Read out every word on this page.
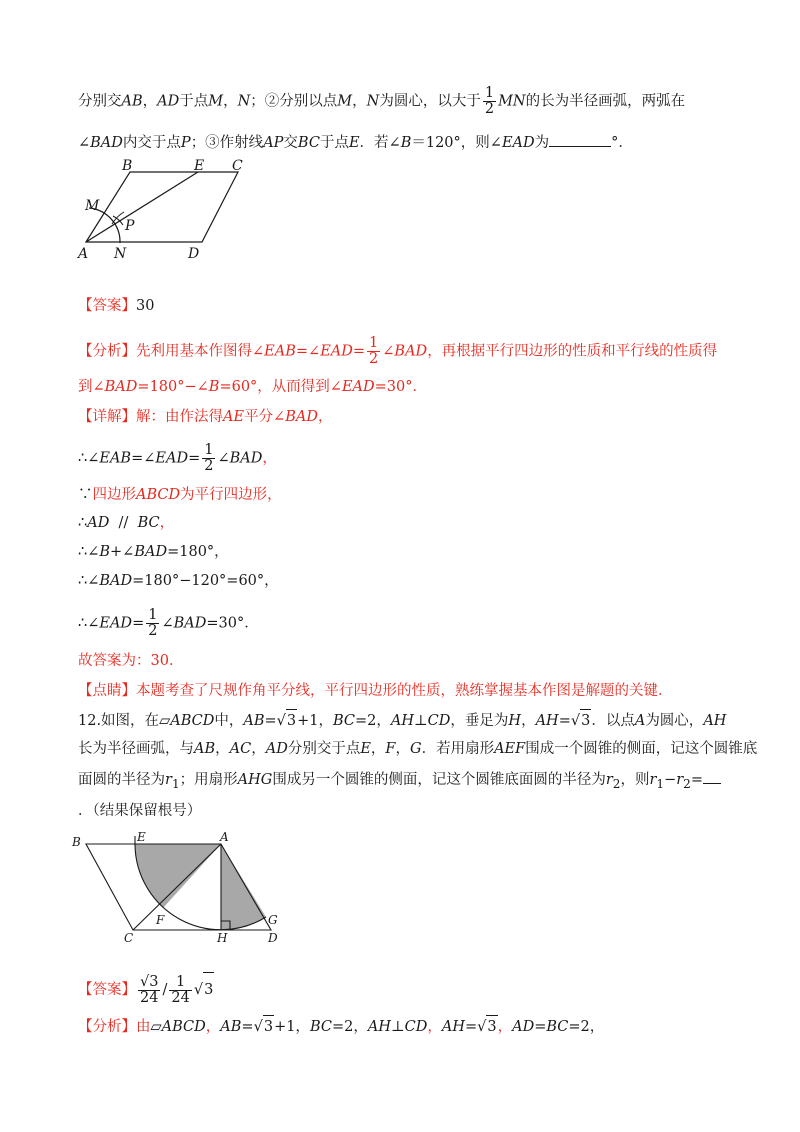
分别交AB，AD于点M，N；②分别以点M，N为圆心，以大于 $\frac{1}{2}$ MN的长为半径画弧，两弧在
∠BAD内交于点P；③作射线AP交BC于点E．若∠B＝120°，则∠EAD为	°．
B	E C
M
P
A N	D
【答案】30
【分析】先利用基本作图得∠EAB=∠EAD= $\frac{1}{2}$ ∠BAD，再根据平行四边形的性质和平行线的性质得
到∠BAD=180°−∠B=60°，从而得到∠EAD=30°．
【详解】解：由作法得AE平分∠BAD，
∴∠EAB=∠EAD= $\frac{1}{2}$ ∠BAD，
∵四边形ABCD为平行四边形，
∴AD  //  BC，
∴∠B+∠BAD=180°，
∴∠BAD=180°−120°=60°，
∴∠EAD= $\frac{1}{2}$ ∠BAD=30°．
故答案为：30．
【点睛】本题考查了尺规作角平分线，平行四边形的性质，熟练掌握基本作图是解题的关键．
12.如图，在▱ABCD中，AB=√3+1，BC=2，AH⊥CD，垂足为H，AH=√3．以点A为圆心，AH
长为半径画弧，与AB，AC，AD分别交于点E，F，G．若用扇形AEF围成一个圆锥的侧面，记这个圆锥底
面圆的半径为$r_1$；用扇形AHG围成另一个圆锥的侧面，记这个圆锥底面圆的半径为$r_2$，则$r_1-r_2=$
．（结果保留根号）
B	E	A
F	G
C	H	D
【答案】 $\frac{√3}{24} / \frac{1}{24} √3$
【分析】由▱ABCD，AB=√3+1，BC=2，AH⊥CD，AH=√3，AD=BC=2，
